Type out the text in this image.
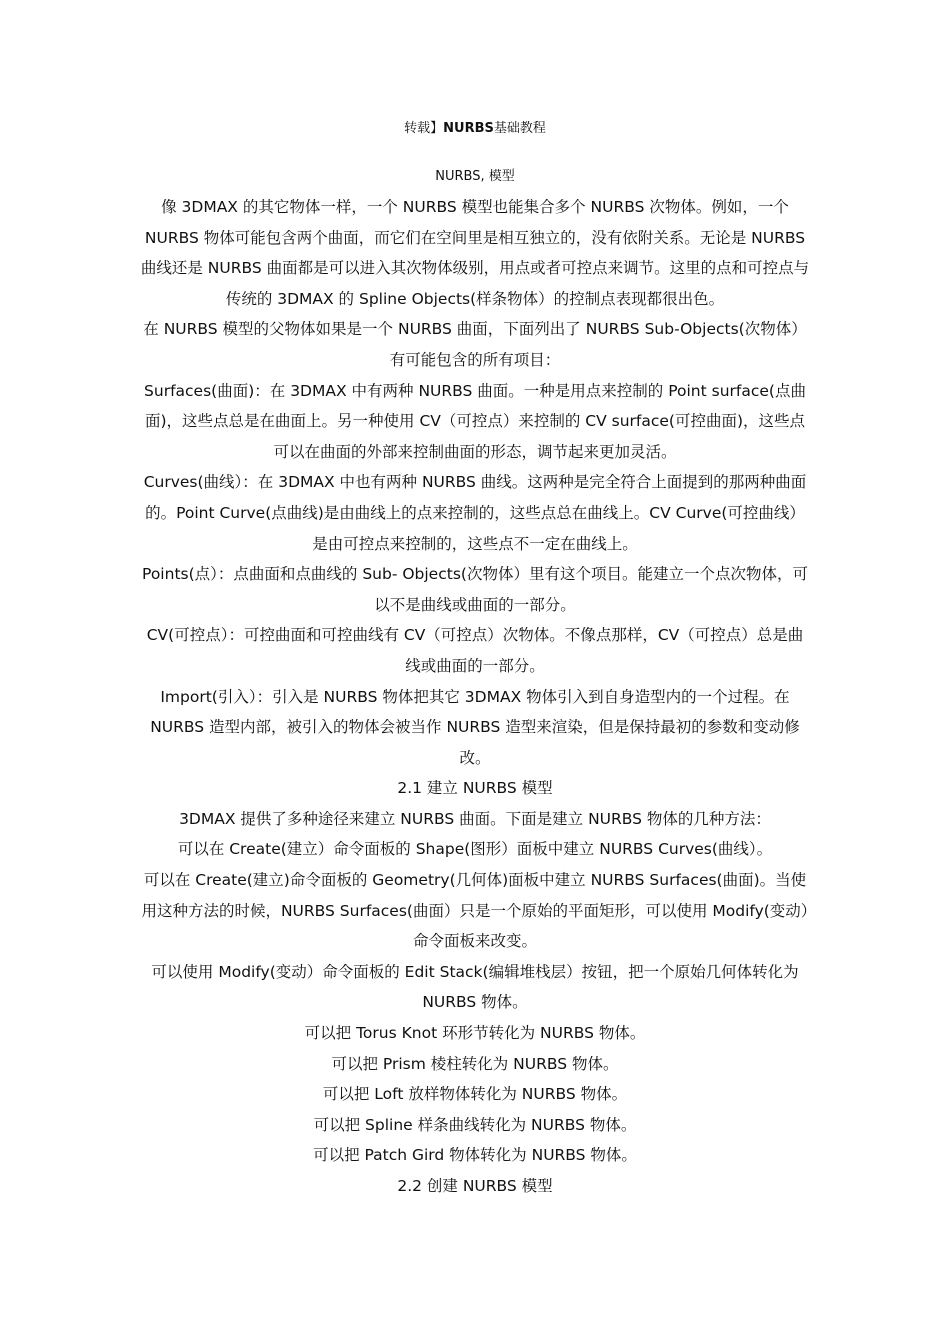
转载】NURBS基础教程
NURBS, 模型

像 3DMAX 的其它物体一样，一个 NURBS 模型也能集合多个 NURBS 次物体。例如，一个 NURBS 物体可能包含两个曲面，而它们在空间里是相互独立的，没有依附关系。无论是 NURBS 曲线还是 NURBS 曲面都是可以进入其次物体级别，用点或者可控点来调节。这里的点和可控点与传统的 3DMAX 的 Spline Objects(样条物体）的控制点表现都很出色。

在 NURBS 模型的父物体如果是一个 NURBS 曲面，下面列出了 NURBS Sub-Objects(次物体）有可能包含的所有项目：

Surfaces(曲面)：在 3DMAX 中有两种 NURBS 曲面。一种是用点来控制的 Point surface(点曲面)，这些点总是在曲面上。另一种使用 CV（可控点）来控制的 CV surface(可控曲面)，这些点可以在曲面的外部来控制曲面的形态，调节起来更加灵活。

Curves(曲线）：在 3DMAX 中也有两种 NURBS 曲线。这两种是完全符合上面提到的那两种曲面的。Point Curve(点曲线)是由曲线上的点来控制的，这些点总在曲线上。CV Curve(可控曲线）是由可控点来控制的，这些点不一定在曲线上。

Points(点）：点曲面和点曲线的 Sub- Objects(次物体）里有这个项目。能建立一个点次物体，可以不是曲线或曲面的一部分。

CV(可控点）：可控曲面和可控曲线有 CV（可控点）次物体。不像点那样，CV（可控点）总是曲线或曲面的一部分。

Import(引入）：引入是 NURBS 物体把其它 3DMAX 物体引入到自身造型内的一个过程。在 NURBS 造型内部，被引入的物体会被当作 NURBS 造型来渲染，但是保持最初的参数和变动修改。

2.1 建立 NURBS 模型

3DMAX 提供了多种途径来建立 NURBS 曲面。下面是建立 NURBS 物体的几种方法：

可以在 Create(建立）命令面板的 Shape(图形）面板中建立 NURBS Curves(曲线）。

可以在 Create(建立)命令面板的 Geometry(几何体)面板中建立 NURBS Surfaces(曲面)。当使用这种方法的时候，NURBS Surfaces(曲面）只是一个原始的平面矩形，可以使用 Modify(变动）命令面板来改变。

可以使用 Modify(变动）命令面板的 Edit Stack(编辑堆栈层）按钮，把一个原始几何体转化为 NURBS 物体。

可以把 Torus Knot 环形节转化为 NURBS 物体。

可以把 Prism 棱柱转化为 NURBS 物体。

可以把 Loft 放样物体转化为 NURBS 物体。

可以把 Spline 样条曲线转化为 NURBS 物体。

可以把 Patch Gird 物体转化为 NURBS 物体。

2.2 创建 NURBS 模型
